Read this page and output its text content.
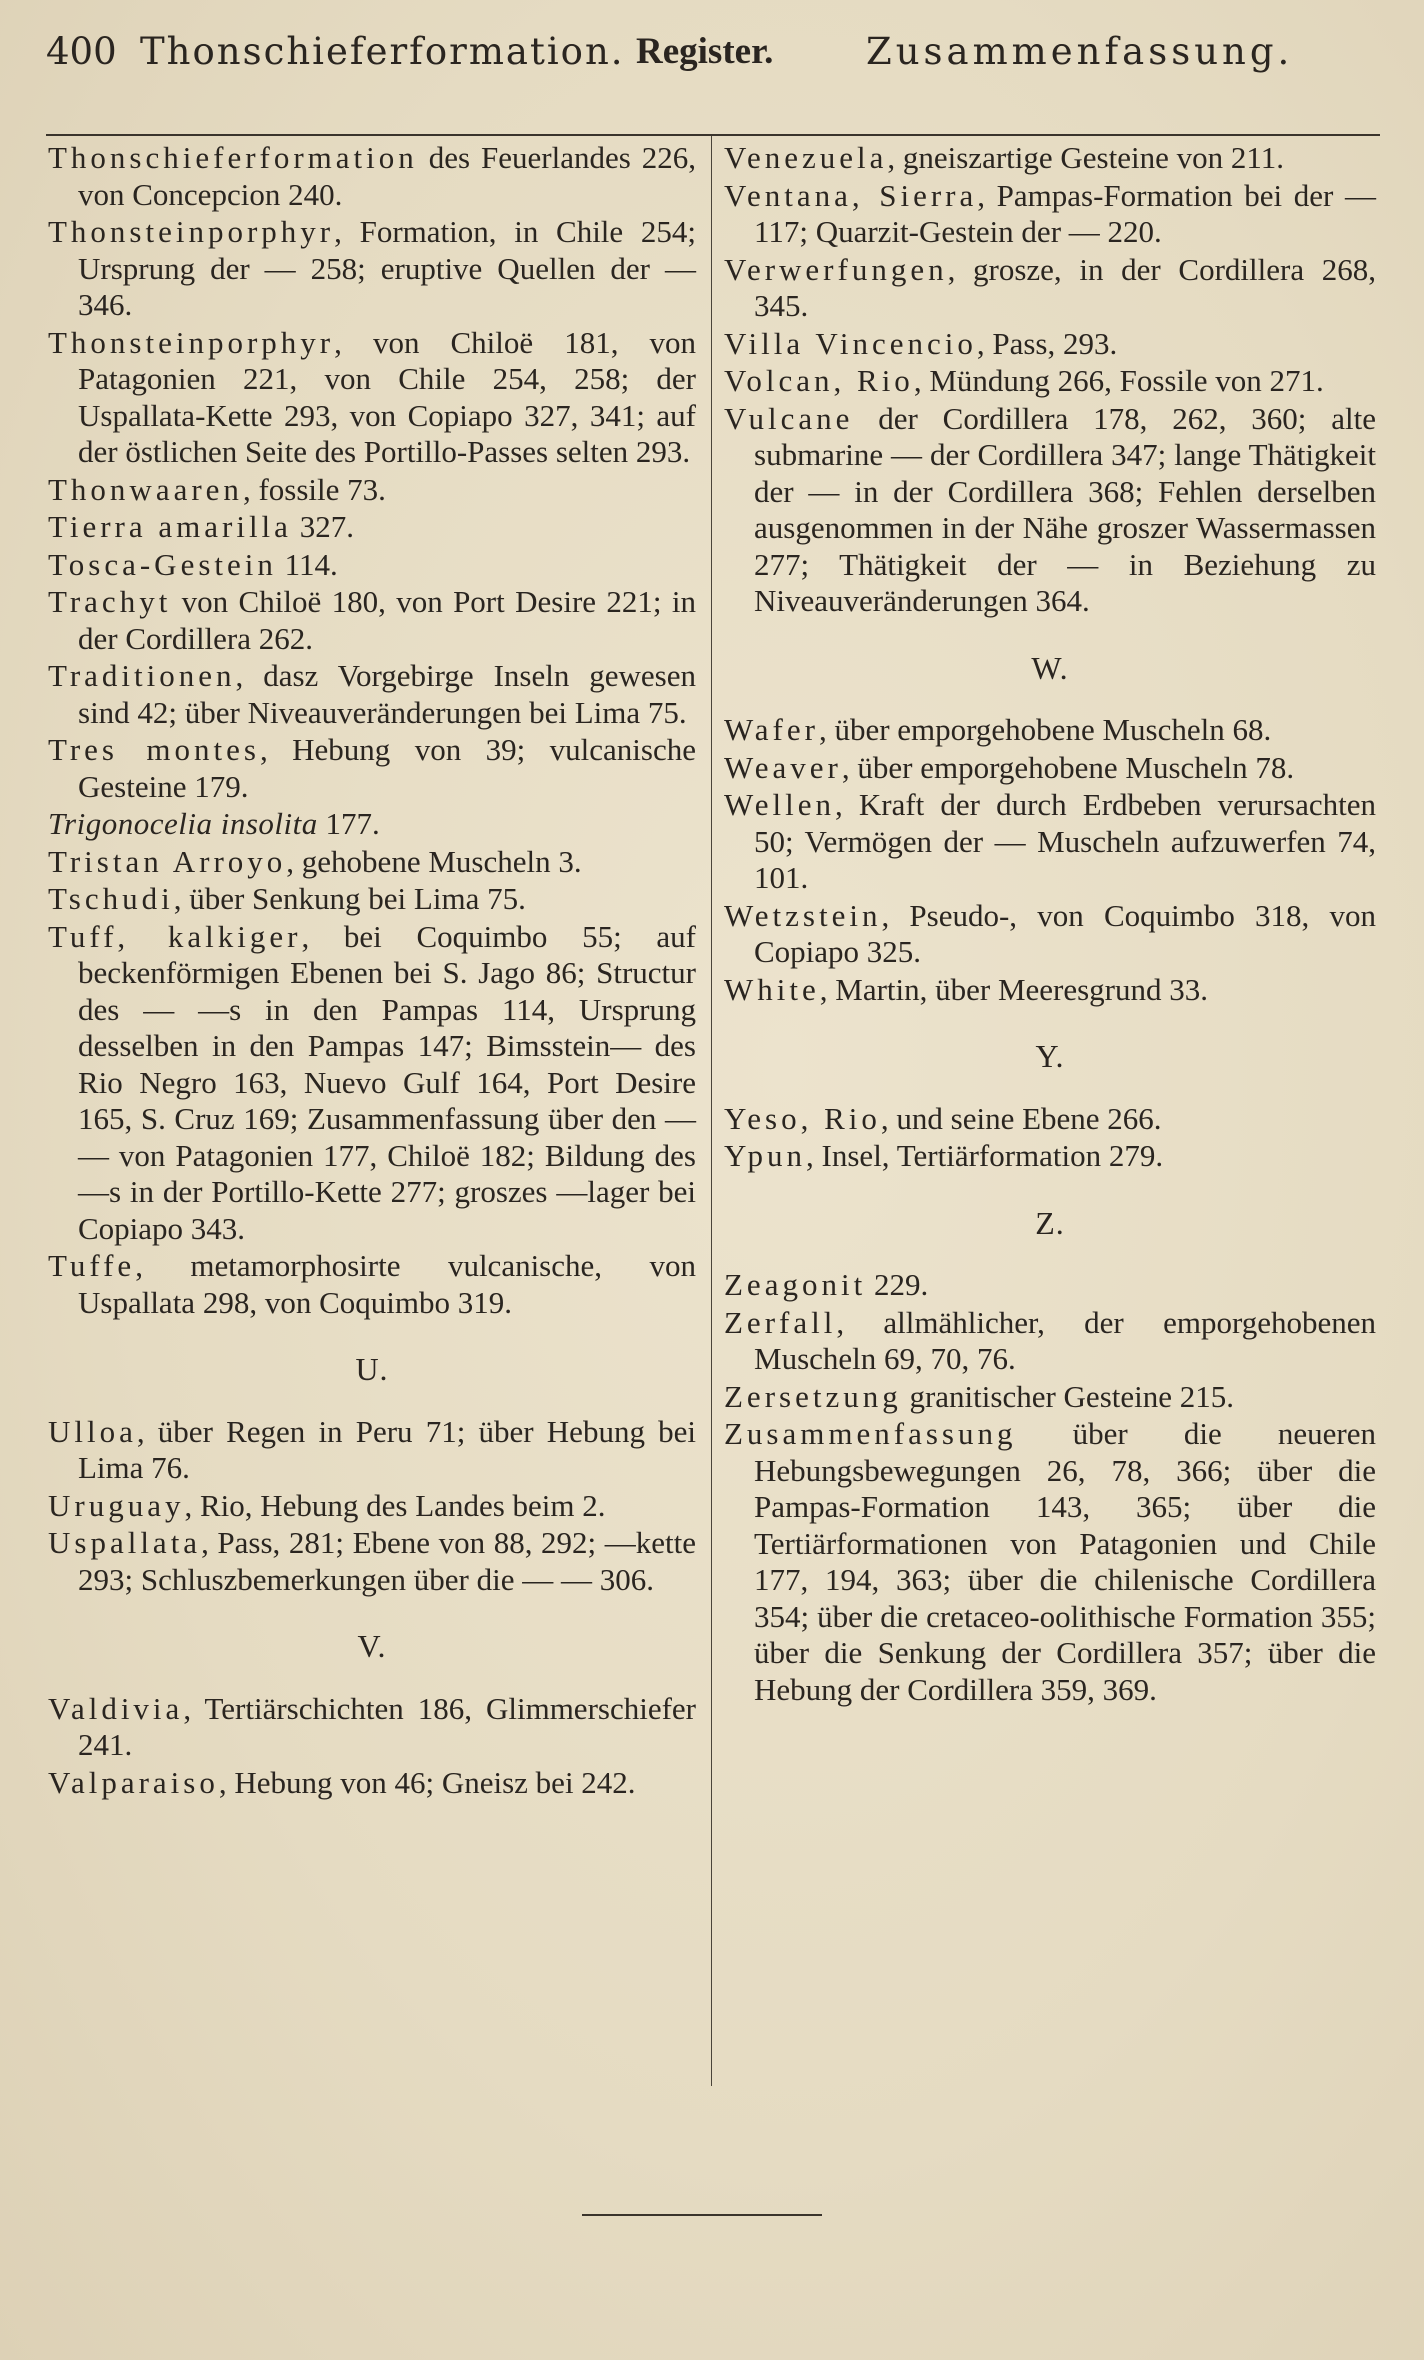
400 Thonschieferformation. Register.	Zusammenfassung.
Thonschieferformation des Feuerlandes 226, von Concepcion 240.
Thonsteinporphyr, Formation, in Chile 254; Ursprung der — 258; eruptive Quellen der — 346.
Thonsteinporphyr, von Chiloë 181, von Patagonien 221, von Chile 254, 258; der Uspallata-Kette 293, von Copiapo 327, 341; auf der östlichen Seite des Portillo-Passes selten 293.
Thonwaaren, fossile 73.
Tierra amarilla 327.
Tosca-Gestein 114.
Trachyt von Chiloë 180, von Port Desire 221; in der Cordillera 262.
Traditionen, dasz Vorgebirge Inseln gewesen sind 42; über Niveauveränderungen bei Lima 75.
Tres montes, Hebung von 39; vulcanische Gesteine 179.
Trigonocelia insolita 177.
Tristan Arroyo, gehobene Muscheln 3.
Tschudi, über Senkung bei Lima 75.
Tuff, kalkiger, bei Coquimbo 55; auf beckenförmigen Ebenen bei S. Jago 86; Structur des — —s in den Pampas 114, Ursprung desselben in den Pampas 147; Bimsstein— des Rio Negro 163, Nuevo Gulf 164, Port Desire 165, S. Cruz 169; Zusammenfassung über den — — von Patagonien 177, Chiloë 182; Bildung des —s in der Portillo-Kette 277; groszes —lager bei Copiapo 343.
Tuffe, metamorphosirte vulcanische, von Uspallata 298, von Coquimbo 319.
U.
Ulloa, über Regen in Peru 71; über Hebung bei Lima 76.
Uruguay, Rio, Hebung des Landes beim 2.
Uspallata, Pass, 281; Ebene von 88, 292; —kette 293; Schluszbemerkungen über die — — 306.
V.
Valdivia, Tertiärschichten 186, Glimmerschiefer 241.
Valparaiso, Hebung von 46; Gneisz bei 242.
Venezuela, gneiszartige Gesteine von 211.
Ventana, Sierra, Pampas-Formation bei der — 117; Quarzit-Gestein der — 220.
Verwerfungen, grosze, in der Cordillera 268, 345.
Villa Vincencio, Pass, 293.
Volcan, Rio, Mündung 266, Fossile von 271.
Vulcane der Cordillera 178, 262, 360; alte submarine — der Cordillera 347; lange Thätigkeit der — in der Cordillera 368; Fehlen derselben ausgenommen in der Nähe groszer Wassermassen 277; Thätigkeit der — in Beziehung zu Niveauveränderungen 364.
W.
Wafer, über emporgehobene Muscheln 68.
Weaver, über emporgehobene Muscheln 78.
Wellen, Kraft der durch Erdbeben verursachten 50; Vermögen der — Muscheln aufzuwerfen 74, 101.
Wetzstein, Pseudo-, von Coquimbo 318, von Copiapo 325.
White, Martin, über Meeresgrund 33.
Y.
Yeso, Rio, und seine Ebene 266.
Ypun, Insel, Tertiärformation 279.
Z.
Zeagonit 229.
Zerfall, allmählicher, der emporgehobenen Muscheln 69, 70, 76.
Zersetzung granitischer Gesteine 215.
Zusammenfassung über die neueren Hebungsbewegungen 26, 78, 366; über die Pampas-Formation 143, 365; über die Tertiärformationen von Patagonien und Chile 177, 194, 363; über die chilenische Cordillera 354; über die cretaceo-oolithische Formation 355; über die Senkung der Cordillera 357; über die Hebung der Cordillera 359, 369.
